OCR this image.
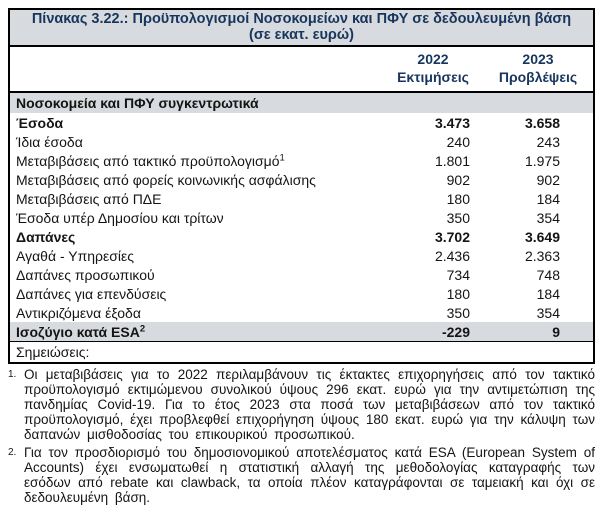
Πίνακας 3.22.: Προϋπολογισμοί Νοσοκομείων και ΠΦΥ σε δεδουλευμένη βάση
(σε εκατ. ευρώ)
2022
Εκτιμήσεις
2023
Προβλέψεις
Νοσοκομεία και ΠΦΥ συγκεντρωτικά
Έσοδα	3.473	3.658
Ίδια έσοδα	240	243
Μεταβιβάσεις από τακτικό προϋπολογισμό$^1$	1.801	1.975
Μεταβιβάσεις από φορείς κοινωνικής ασφάλισης	902	902
Μεταβιβάσεις από ΠΔΕ	180	184
Έσοδα υπέρ Δημοσίου και τρίτων	350	354
Δαπάνες	3.702	3.649
Αγαθά - Υπηρεσίες	2.436	2.363
Δαπάνες προσωπικού	734	748
Δαπάνες για επενδύσεις	180	184
Αντικριζόμενα έξοδα	350	354
Ισοζύγιο κατά ESA$^2$	-229	9
Σημειώσεις:
1. Οι μεταβιβάσεις για το 2022 περιλαμβάνουν τις έκτακτες επιχορηγήσεις από τον τακτικό προϋπολογισμό εκτιμώμενου συνολικού ύψους 296 εκατ. ευρώ για την αντιμετώπιση της πανδημίας Covid-19. Για το έτος 2023 στα ποσά των μεταβιβάσεων από τον τακτικό προϋπολογισμό, έχει προβλεφθεί επιχορήγηση ύψους 180 εκατ. ευρώ για την κάλυψη των δαπανών μισθοδοσίας του επικουρικού προσωπικού.
2. Για τον προσδιορισμό του δημοσιονομικού αποτελέσματος κατά ESA (European System of Accounts) έχει ενσωματωθεί η στατιστική αλλαγή της μεθοδολογίας καταγραφής των εσόδων από rebate και clawback, τα οποία πλέον καταγράφονται σε ταμειακή και όχι σε δεδουλευμένη βάση.
